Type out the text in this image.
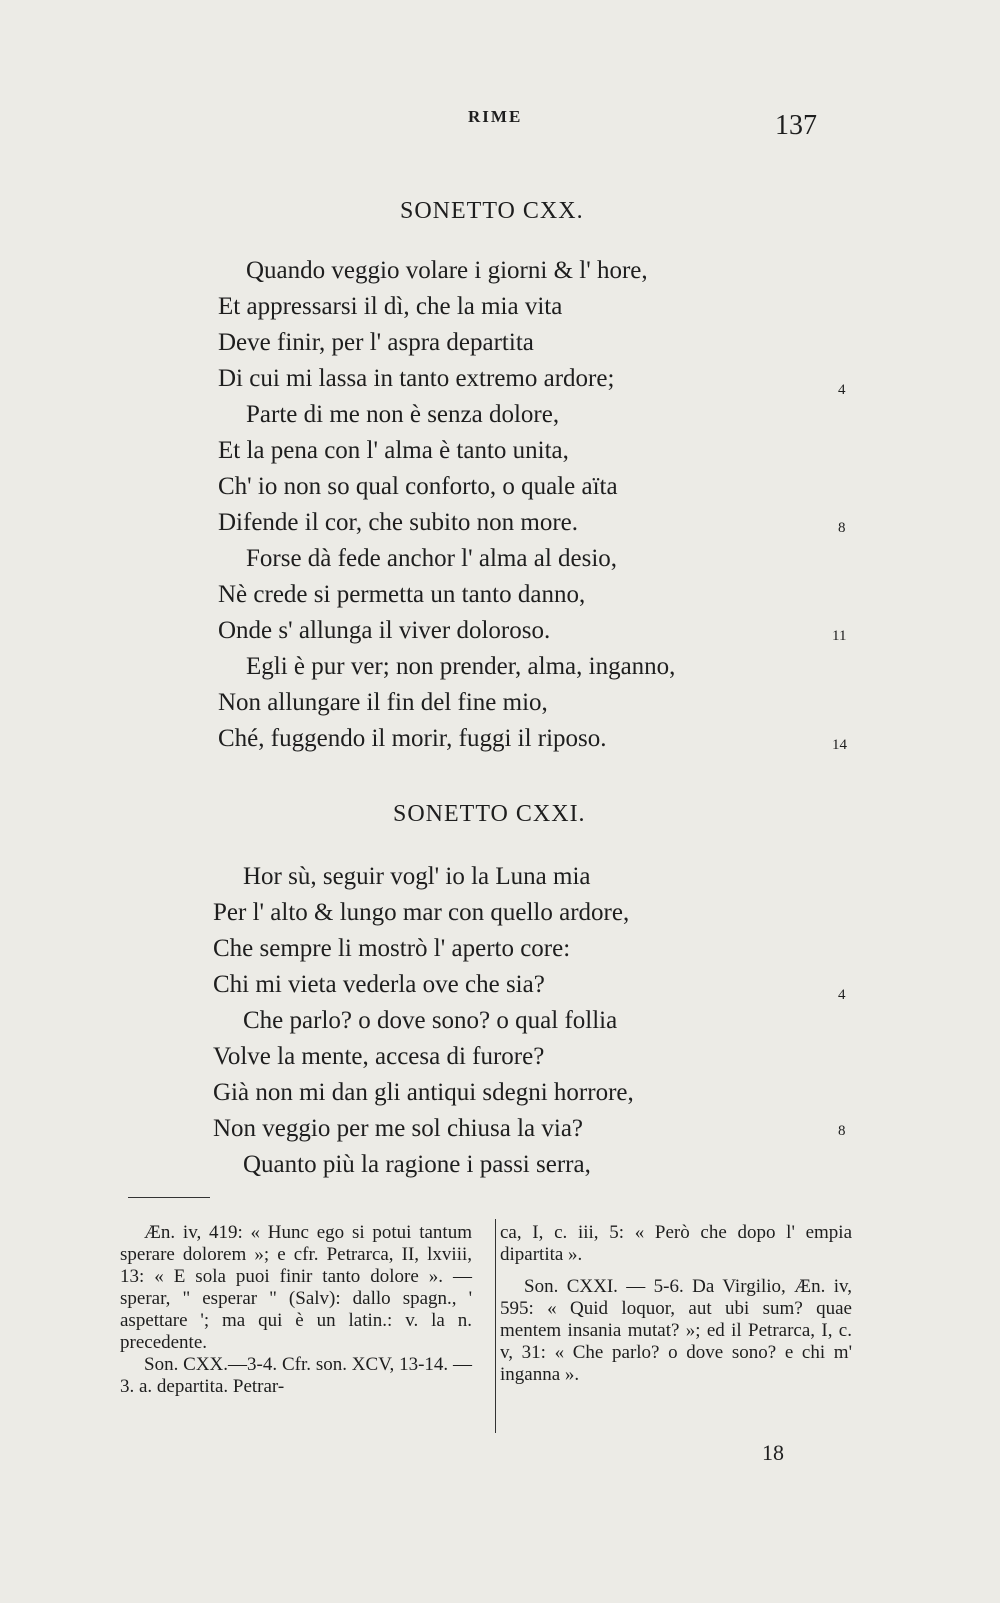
RIME	137
SONETTO CXX.
Quando veggio volare i giorni & l' hore,
Et appressarsi il dì, che la mia vita
Deve finir, per l' aspra departita
Di cui mi lassa in tanto extremo ardore;
Parte di me non è senza dolore,
Et la pena con l' alma è tanto unita,
Ch' io non so qual conforto, o quale aïta
Difende il cor, che subito non more.
Forse dà fede anchor l' alma al desio,
Nè crede si permetta un tanto danno,
Onde s' allunga il viver doloroso.
Egli è pur ver; non prender, alma, inganno,
Non allungare il fin del fine mio,
Ché, fuggendo il morir, fuggi il riposo.
4
8
11
14
SONETTO CXXI.
Hor sù, seguir vogl' io la Luna mia
Per l' alto & lungo mar con quello ardore,
Che sempre li mostrò l' aperto core:
Chi mi vieta vederla ove che sia?
Che parlo? o dove sono? o qual follia
Volve la mente, accesa di furore?
Già non mi dan gli antiqui sdegni horrore,
Non veggio per me sol chiusa la via?
Quanto più la ragione i passi serra,
4
8

Æn. iv, 419: « Hunc ego si potui tantum sperare dolorem »; e cfr. Petrarca, II, lxviii, 13: « E sola puoi finir tanto dolore ». — sperar, " esperar " (Salv): dallo spagn., ' aspettare '; ma qui è un latin.: v. la n. precedente.

Son. CXX.—3-4. Cfr. son. XCV, 13-14. — 3. a. departita. Petrar-

ca, I, c. iii, 5: « Però che dopo l' empia dipartita ».

Son. CXXI. — 5-6. Da Virgilio, Æn. iv, 595: « Quid loquor, aut ubi sum? quae mentem insania mutat? »; ed il Petrarca, I, c. v, 31: « Che parlo? o dove sono? e chi m' inganna ».

18
